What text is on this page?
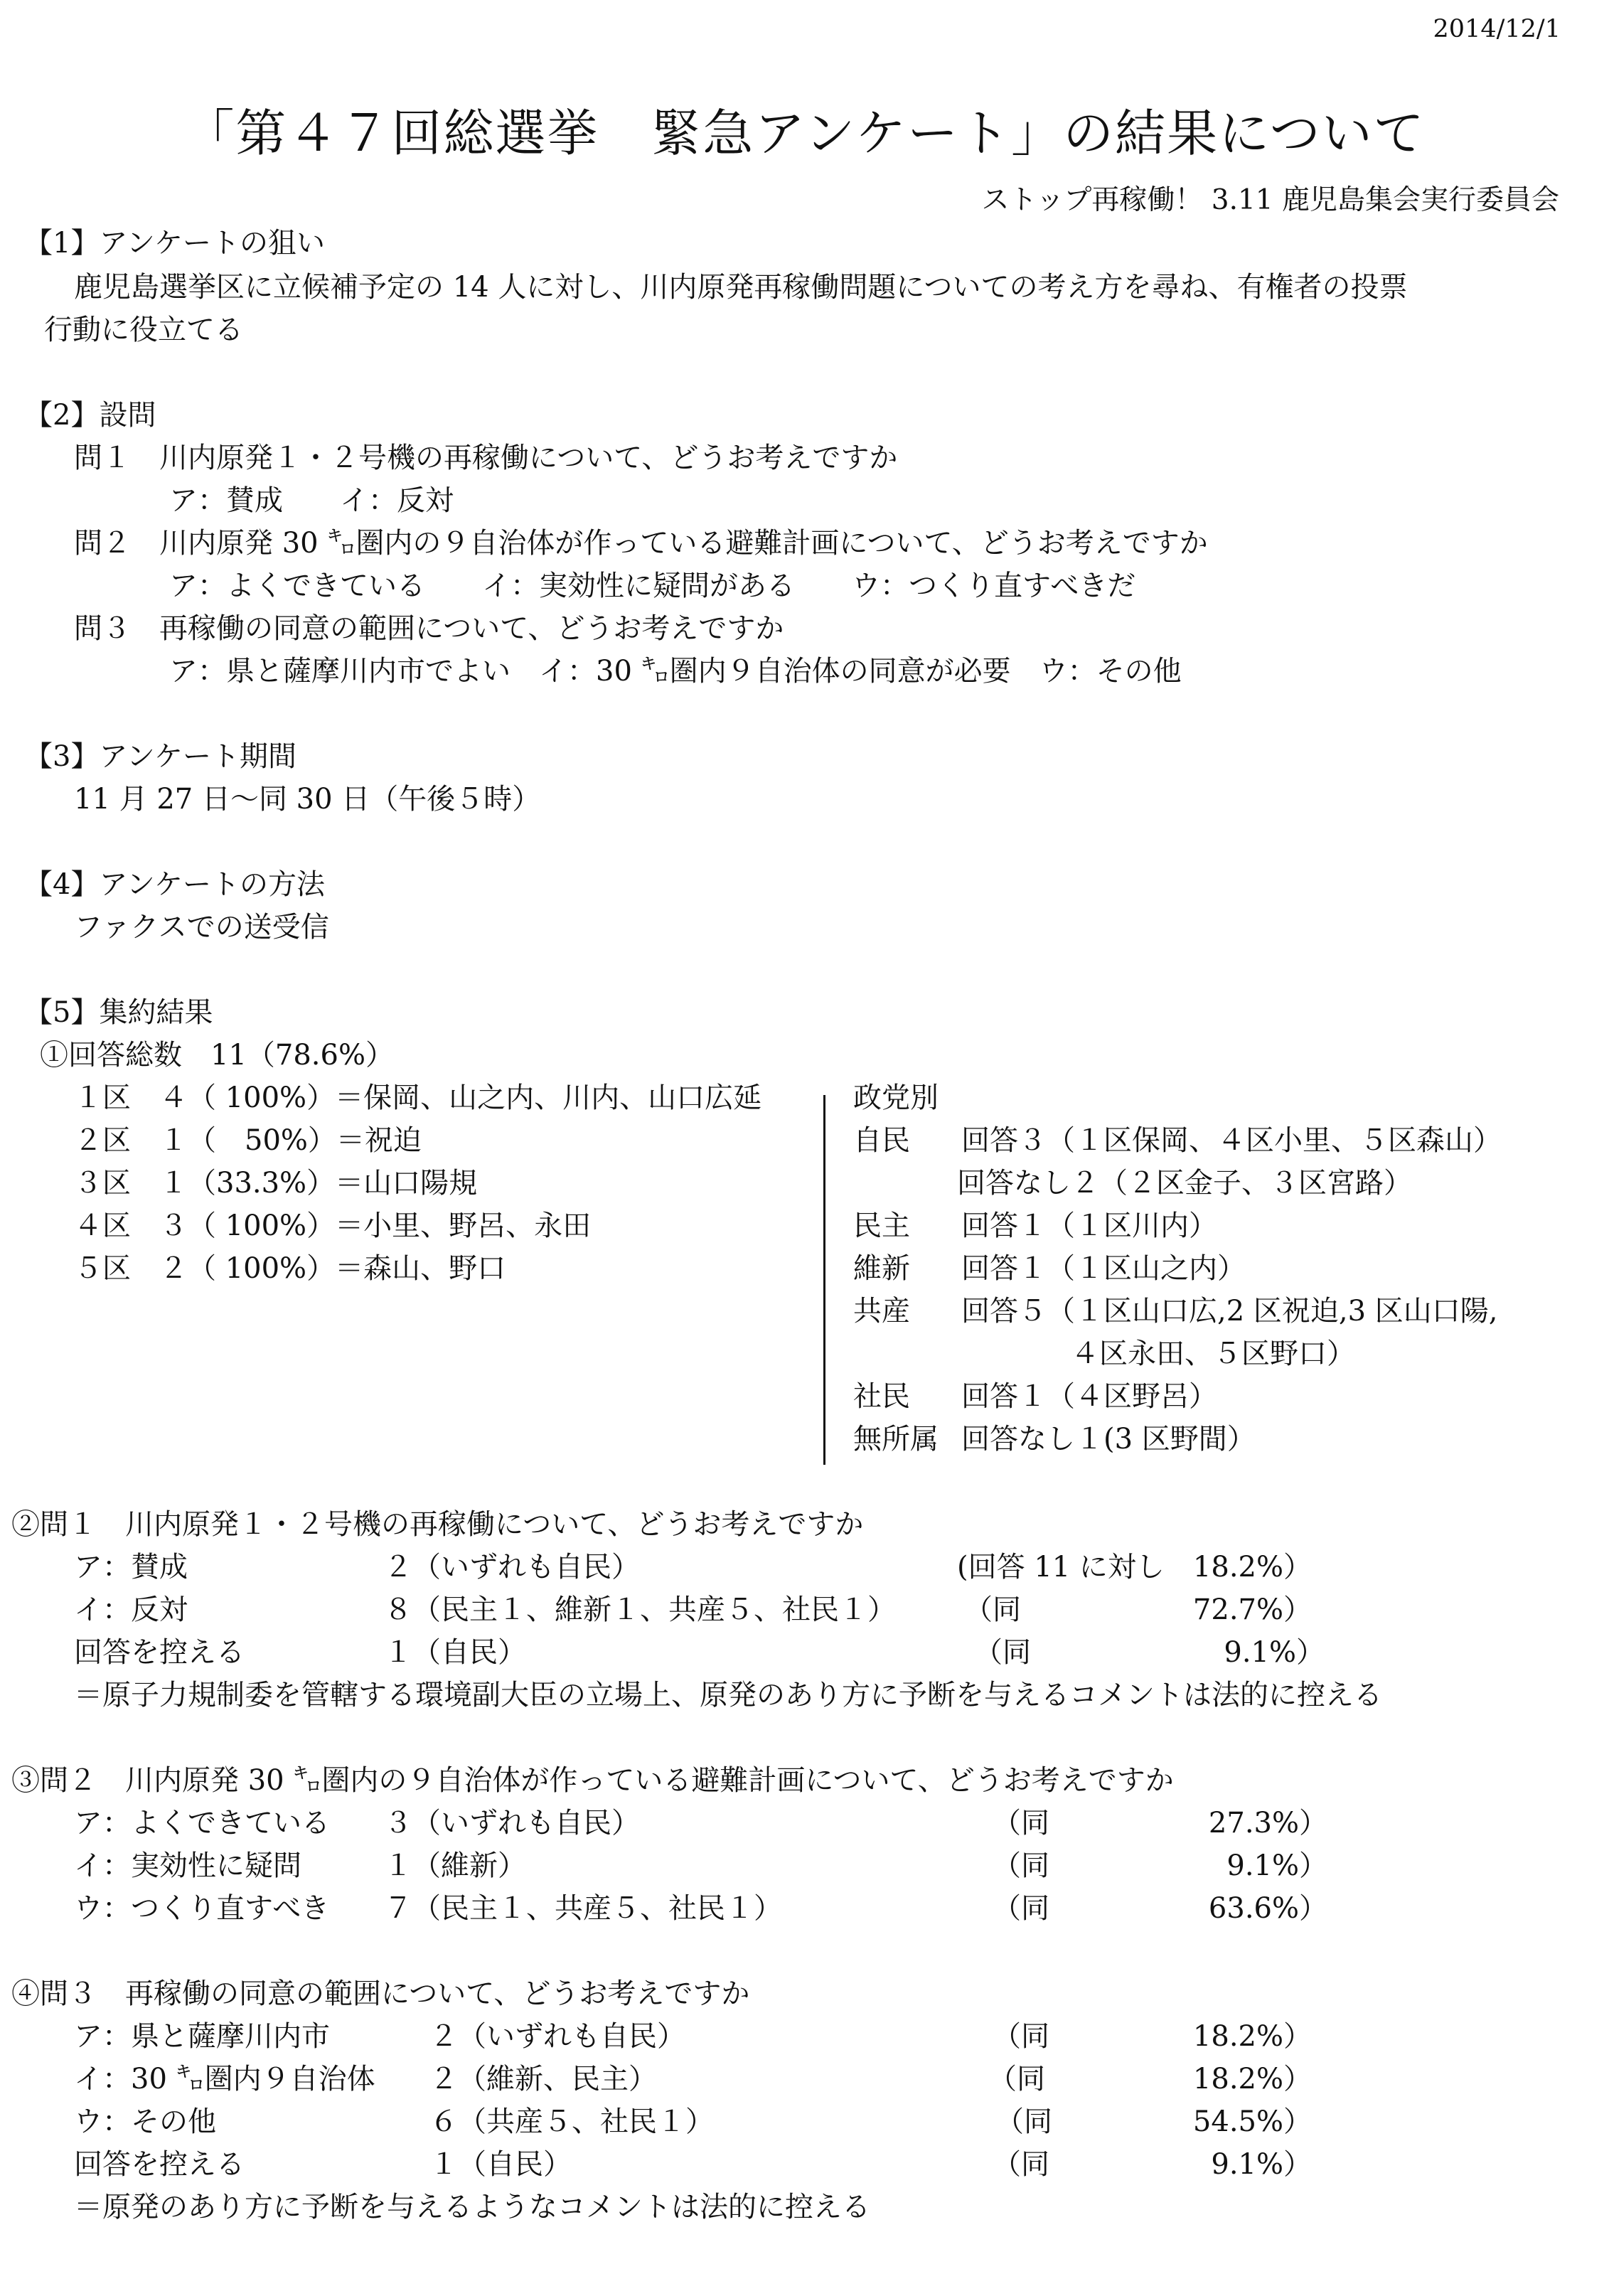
2014/12/1
「第４７回総選挙　緊急アンケート」の結果について
ストップ再稼働！ 3.11 鹿児島集会実行委員会
【1】アンケートの狙い
鹿児島選挙区に立候補予定の 14 人に対し、川内原発再稼働問題についての考え方を尋ね、有権者の投票
行動に役立てる
【2】設問
問１　川内原発１・２号機の再稼働について、どうお考えですか
ア：賛成　　イ：反対
問２　川内原発 30 ㌔圏内の９自治体が作っている避難計画について、どうお考えですか
ア：よくできている　　イ：実効性に疑問がある　　ウ：つくり直すべきだ
問３　再稼働の同意の範囲について、どうお考えですか
ア：県と薩摩川内市でよい　イ：30 ㌔圏内９自治体の同意が必要　ウ：その他
【3】アンケート期間
11 月 27 日～同 30 日（午後５時）
【4】アンケートの方法
ファクスでの送受信
【5】集約結果
①回答総数　11（78.6%）
１区　４（ 100%）＝保岡、山之内、川内、山口広延
２区　１（　50%）＝祝迫
３区　１（33.3%）＝山口陽規
４区　３（ 100%）＝小里、野呂、永田
５区　２（ 100%）＝森山、野口
政党別
自民 回答３（１区保岡、４区小里、５区森山）
回答なし２（２区金子、３区宮路）
民主 回答１（１区川内）
維新 回答１（１区山之内）
共産 回答５（１区山口広,2 区祝迫,3 区山口陽,
４区永田、５区野口）
社民 回答１（４区野呂）
無所属 回答なし１(3 区野間）
②問１　川内原発１・２号機の再稼働について、どうお考えですか
ア：賛成	２（いずれも自民）	(回答 11 に対し 18.2%）
イ：反対	８（民主１、維新１、共産５、社民１） （同	72.7%）
回答を控える	１（自民）	（同	9.1%）
＝原子力規制委を管轄する環境副大臣の立場上、原発のあり方に予断を与えるコメントは法的に控える
③問２　川内原発 30 ㌔圏内の９自治体が作っている避難計画について、どうお考えですか
ア：よくできている ３（いずれも自民）	（同	27.3%）
イ：実効性に疑問	１（維新）	（同	9.1%）
ウ：つくり直すべき ７（民主１、共産５、社民１）	（同	63.6%）
④問３　再稼働の同意の範囲について、どうお考えですか
ア：県と薩摩川内市	２（いずれも自民）	（同	18.2%）
イ：30 ㌔圏内９自治体 ２（維新、民主）	（同	18.2%）
ウ：その他	６（共産５、社民１）	（同	54.5%）
回答を控える	１（自民）	（同	9.1%）
＝原発のあり方に予断を与えるようなコメントは法的に控える
